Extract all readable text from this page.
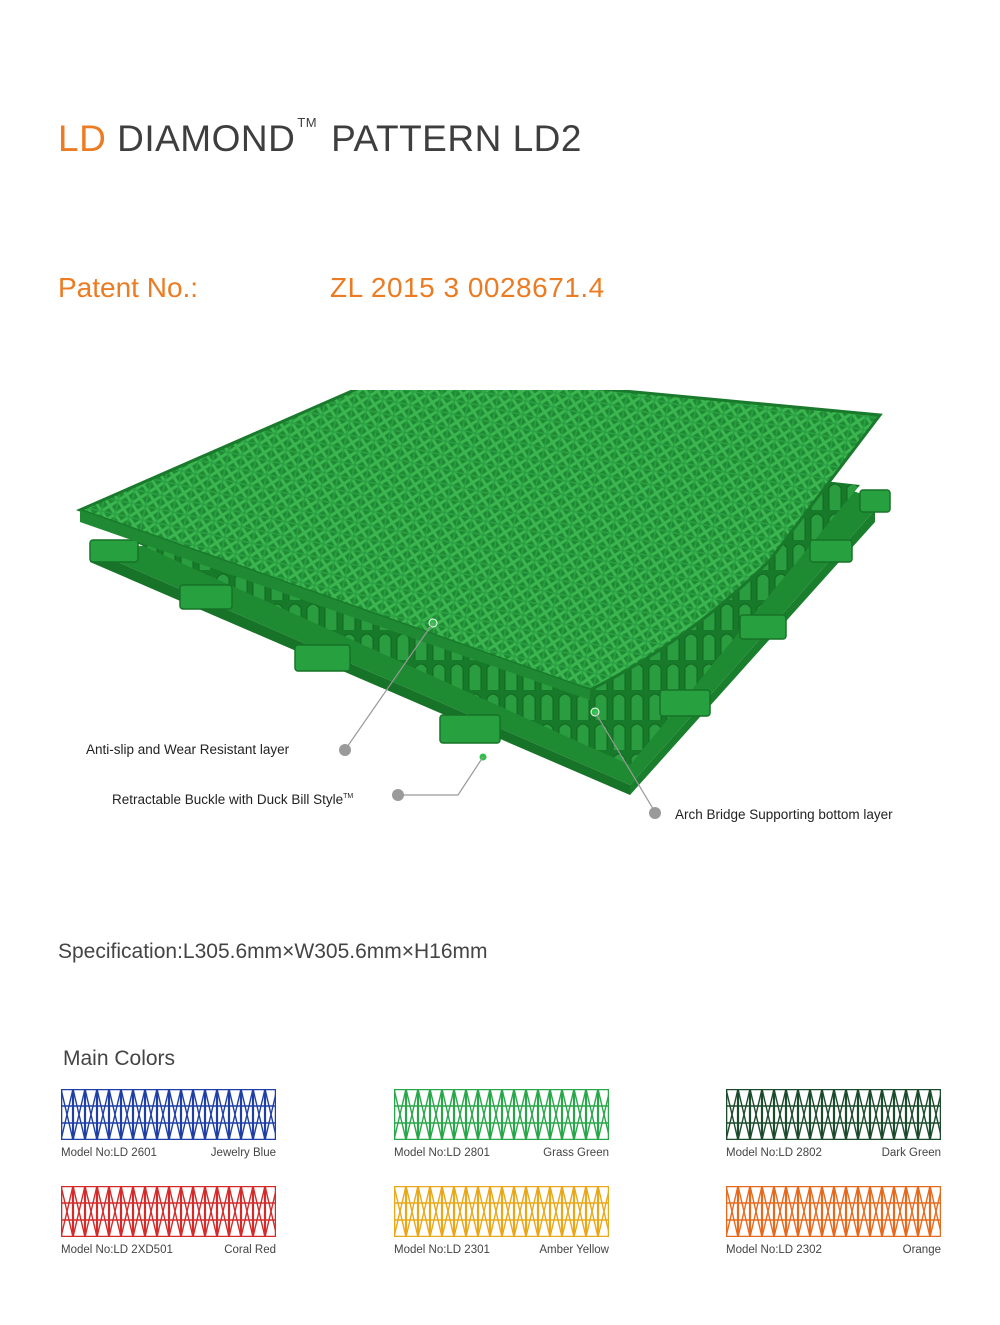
LD DIAMOND ™ PATTERN LD2
Patent No.:	ZL 2015 3 0028671.4
Anti-slip and Wear Resistant layer
Retractable Buckle with Duck Bill Style™
Arch Bridge Supporting bottom layer
Specification:L305.6mm×W305.6mm×H16mm
Main Colors
Model No:LD 2601	Jewelry Blue	Model No:LD 2801	Grass Green	Model No:LD 2802	Dark Green
Model No:LD 2XD501	Coral Red	Model No:LD 2301	Amber Yellow	Model No:LD 2302	Orange
